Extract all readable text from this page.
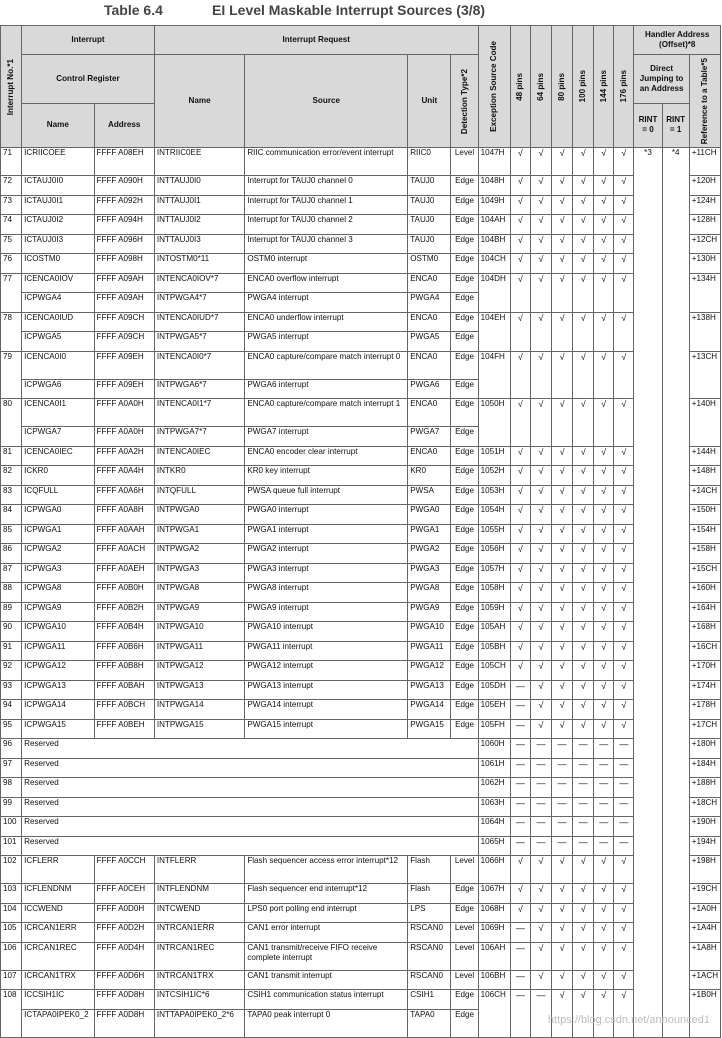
Table 6.4	EI Level Maskable Interrupt Sources (3/8)
Interrupt No.*1	Interrupt		Interrupt Request				Exception Source Code	48 pins	64 pins	80 pins	100 pins	144 pins	176 pins	Handler Address (Offset)*8		
	Control Register		Name	Source	Unit	Detection Type*2								Direct Jumping to an Address		Reference to a Table*5

	Name	Address												RINT = 0	RINT = 1	
71	ICRIICOEE	FFFF A08EH	INTRIIC0EE	RIIC communication error/event interrupt	RIIC0	Level	1047H	√	√	√	√	√	√	*3	*4	+11CH
72	ICTAUJ0I0	FFFF A090H	INTTAUJ0I0	Interrupt for TAUJ0 channel 0	TAUJ0	Edge	1048H	√	√	√	√	√	√			+120H
73	ICTAUJ0I1	FFFF A092H	INTTAUJ0I1	Interrupt for TAUJ0 channel 1	TAUJ0	Edge	1049H	√	√	√	√	√	√			+124H
74	ICTAUJ0I2	FFFF A094H	INTTAUJ0I2	Interrupt for TAUJ0 channel 2	TAUJ0	Edge	104AH	√	√	√	√	√	√			+128H
75	ICTAUJ0I3	FFFF A096H	INTTAUJ0I3	Interrupt for TAUJ0 channel 3	TAUJ0	Edge	104BH	√	√	√	√	√	√			+12CH
76	ICOSTM0	FFFF A098H	INTOSTM0*11	OSTM0 interrupt	OSTM0	Edge	104CH	√	√	√	√	√	√			+130H
77	ICENCA0IOV	FFFF A09AH	INTENCA0IOV*7	ENCA0 overflow interrupt	ENCA0	Edge	104DH	√	√	√	√	√	√			+134H
	ICPWGA4	FFFF A09AH	INTPWGA4*7	PWGA4 interrupt	PWGA4	Edge										
78	ICENCA0IUD	FFFF A09CH	INTENCA0IUD*7	ENCA0 underflow interrupt	ENCA0	Edge	104EH	√	√	√	√	√	√			+138H
	ICPWGA5	FFFF A09CH	INTPWGA5*7	PWGA5 interrupt	PWGA5	Edge										
79	ICENCA0I0	FFFF A09EH	INTENCA0I0*7	ENCA0 capture/compare match interrupt 0	ENCA0	Edge	104FH	√	√	√	√	√	√			+13CH
	ICPWGA6	FFFF A09EH	INTPWGA6*7	PWGA6 interrupt	PWGA6	Edge										
80	ICENCA0I1	FFFF A0A0H	INTENCA0I1*7	ENCA0 capture/compare match interrupt 1	ENCA0	Edge	1050H	√	√	√	√	√	√			+140H
	ICPWGA7	FFFF A0A0H	INTPWGA7*7	PWGA7 interrupt	PWGA7	Edge										
81	ICENCA0IEC	FFFF A0A2H	INTENCA0IEC	ENCA0 encoder clear interrupt	ENCA0	Edge	1051H	√	√	√	√	√	√			+144H
82	ICKR0	FFFF A0A4H	INTKR0	KR0 key interrupt	KR0	Edge	1052H	√	√	√	√	√	√			+148H
83	ICQFULL	FFFF A0A6H	INTQFULL	PWSA queue full interrupt	PWSA	Edge	1053H	√	√	√	√	√	√			+14CH
84	ICPWGA0	FFFF A0A8H	INTPWGA0	PWGA0 interrupt	PWGA0	Edge	1054H	√	√	√	√	√	√			+150H
85	ICPWGA1	FFFF A0AAH	INTPWGA1	PWGA1 interrupt	PWGA1	Edge	1055H	√	√	√	√	√	√			+154H
86	ICPWGA2	FFFF A0ACH	INTPWGA2	PWGA2 interrupt	PWGA2	Edge	1056H	√	√	√	√	√	√			+158H
87	ICPWGA3	FFFF A0AEH	INTPWGA3	PWGA3 interrupt	PWGA3	Edge	1057H	√	√	√	√	√	√			+15CH
88	ICPWGA8	FFFF A0B0H	INTPWGA8	PWGA8 interrupt	PWGA8	Edge	1058H	√	√	√	√	√	√			+160H
89	ICPWGA9	FFFF A0B2H	INTPWGA9	PWGA9 interrupt	PWGA9	Edge	1059H	√	√	√	√	√	√			+164H
90	ICPWGA10	FFFF A0B4H	INTPWGA10	PWGA10 interrupt	PWGA10	Edge	105AH	√	√	√	√	√	√			+168H
91	ICPWGA11	FFFF A0B6H	INTPWGA11	PWGA11 interrupt	PWGA11	Edge	105BH	√	√	√	√	√	√			+16CH
92	ICPWGA12	FFFF A0B8H	INTPWGA12	PWGA12 interrupt	PWGA12	Edge	105CH	√	√	√	√	√	√			+170H
93	ICPWGA13	FFFF A0BAH	INTPWGA13	PWGA13 interrupt	PWGA13	Edge	105DH	—	√	√	√	√	√			+174H
94	ICPWGA14	FFFF A0BCH	INTPWGA14	PWGA14 interrupt	PWGA14	Edge	105EH	—	√	√	√	√	√			+178H
95	ICPWGA15	FFFF A0BEH	INTPWGA15	PWGA15 interrupt	PWGA15	Edge	105FH	—	√	√	√	√	√			+17CH
96	Reserved						1060H	—	—	—	—	—	—			+180H
97	Reserved						1061H	—	—	—	—	—	—			+184H
98	Reserved						1062H	—	—	—	—	—	—			+188H
99	Reserved						1063H	—	—	—	—	—	—			+18CH
100	Reserved						1064H	—	—	—	—	—	—			+190H
101	Reserved						1065H	—	—	—	—	—	—			+194H
102	ICFLERR	FFFF A0CCH	INTFLERR	Flash sequencer access error interrupt*12	Flash	Level	1066H	√	√	√	√	√	√			+198H
103	ICFLENDNM	FFFF A0CEH	INTFLENDNM	Flash sequencer end interrupt*12	Flash	Edge	1067H	√	√	√	√	√	√			+19CH
104	ICCWEND	FFFF A0D0H	INTCWEND	LPS0 port polling end interrupt	LPS	Edge	1068H	√	√	√	√	√	√			+1A0H
105	ICRCAN1ERR	FFFF A0D2H	INTRCAN1ERR	CAN1 error interrupt	RSCAN0	Level	1069H	—	√	√	√	√	√			+1A4H
106	ICRCAN1REC	FFFF A0D4H	INTRCAN1REC	CAN1 transmit/receive FIFO receive complete interrupt	RSCAN0	Level	106AH	—	√	√	√	√	√			+1A8H
107	ICRCAN1TRX	FFFF A0D6H	INTRCAN1TRX	CAN1 transmit interrupt	RSCAN0	Level	106BH	—	√	√	√	√	√			+1ACH
108	ICCSIH1IC	FFFF A0D8H	INTCSIH1IC*6	CSIH1 communication status interrupt	CSIH1	Edge	106CH	—	—	√	√	√	√			+1B0H
	ICTAPA0IPEK0_2	FFFF A0D8H	INTTAPA0IPEK0_2*6	TAPA0 peak interrupt 0	TAPA0	Edge											https://blog.csdn.net/announced1
